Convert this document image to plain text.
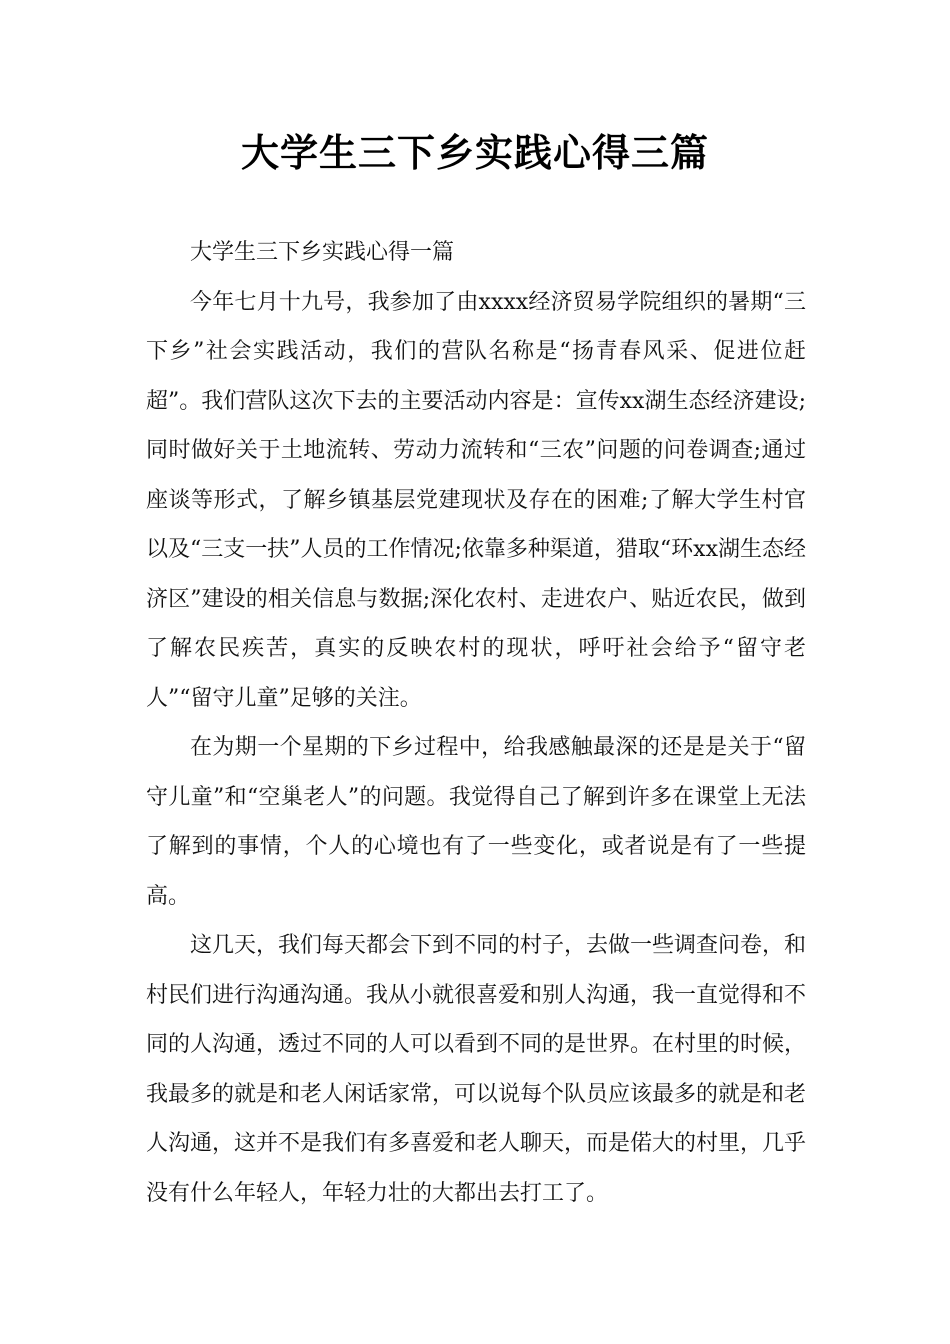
大学生三下乡实践心得三篇

大学生三下乡实践心得一篇

今年七月十九号，我参加了由xxxx经济贸易学院组织的暑期“三下乡”社会实践活动，我们的营队名称是“扬青春风采、促进位赶超”。我们营队这次下去的主要活动内容是：宣传xx湖生态经济建设;同时做好关于土地流转、劳动力流转和“三农”问题的问卷调查;通过座谈等形式，了解乡镇基层党建现状及存在的困难;了解大学生村官以及“三支一扶”人员的工作情况;依靠多种渠道，猎取“环xx湖生态经济区”建设的相关信息与数据;深化农村、走进农户、贴近农民，做到了解农民疾苦，真实的反映农村的现状，呼吁社会给予“留守老人”“留守儿童”足够的关注。

在为期一个星期的下乡过程中，给我感触最深的还是是关于“留守儿童”和“空巢老人”的问题。我觉得自己了解到许多在课堂上无法了解到的事情，个人的心境也有了一些变化，或者说是有了一些提高。

这几天，我们每天都会下到不同的村子，去做一些调查问卷，和村民们进行沟通沟通。我从小就很喜爱和别人沟通，我一直觉得和不同的人沟通，透过不同的人可以看到不同的是世界。在村里的时候，我最多的就是和老人闲话家常，可以说每个队员应该最多的就是和老人沟通，这并不是我们有多喜爱和老人聊天，而是偌大的村里，几乎没有什么年轻人，年轻力壮的大都出去打工了。
